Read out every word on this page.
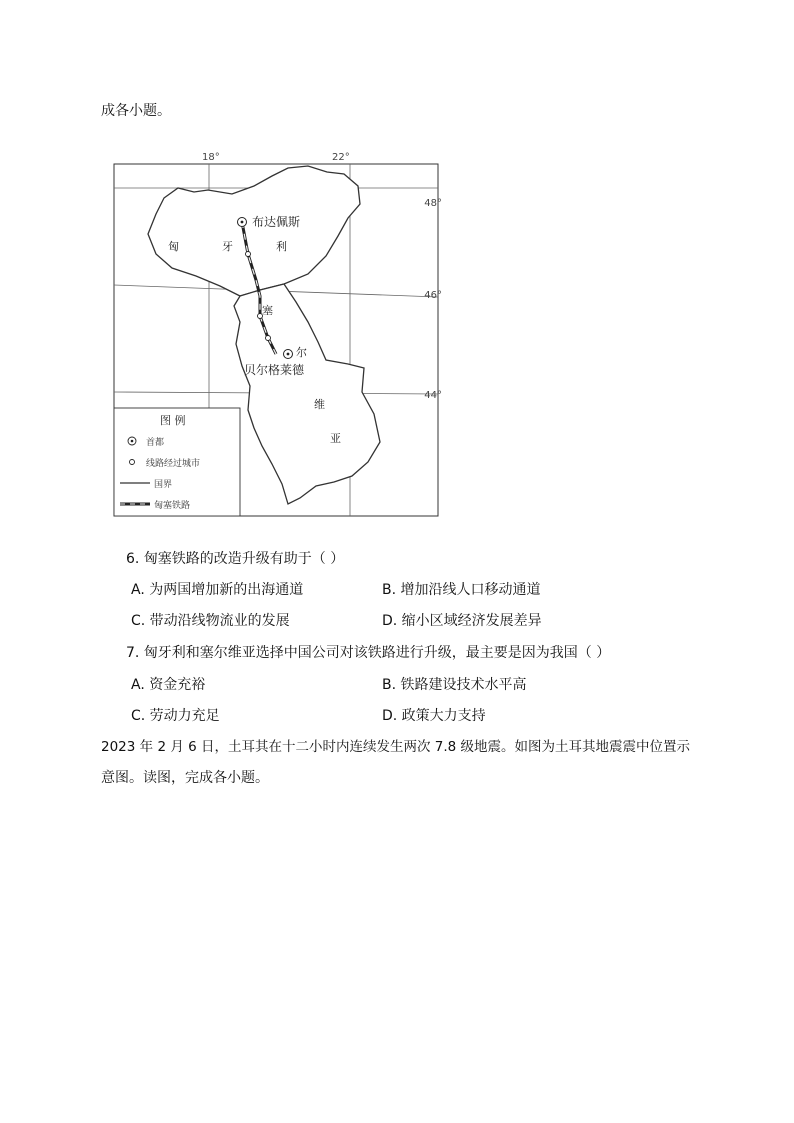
成各小题。
18°	22°
48°
46°
44°
布达佩斯
贝尔格莱德
匈	牙	利
塞
尔
维
亚
图 例
首都
线路经过城市
国界
匈塞铁路
6. 匈塞铁路的改造升级有助于（ ）
A. 为两国增加新的出海通道	B. 增加沿线人口移动通道
C. 带动沿线物流业的发展	D. 缩小区域经济发展差异
7. 匈牙利和塞尔维亚选择中国公司对该铁路进行升级，最主要是因为我国（ ）
A. 资金充裕	B. 铁路建设技术水平高
C. 劳动力充足	D. 政策大力支持
2023 年 2 月 6 日，土耳其在十二小时内连续发生两次 7.8 级地震。如图为土耳其地震震中位置示
意图。读图，完成各小题。
